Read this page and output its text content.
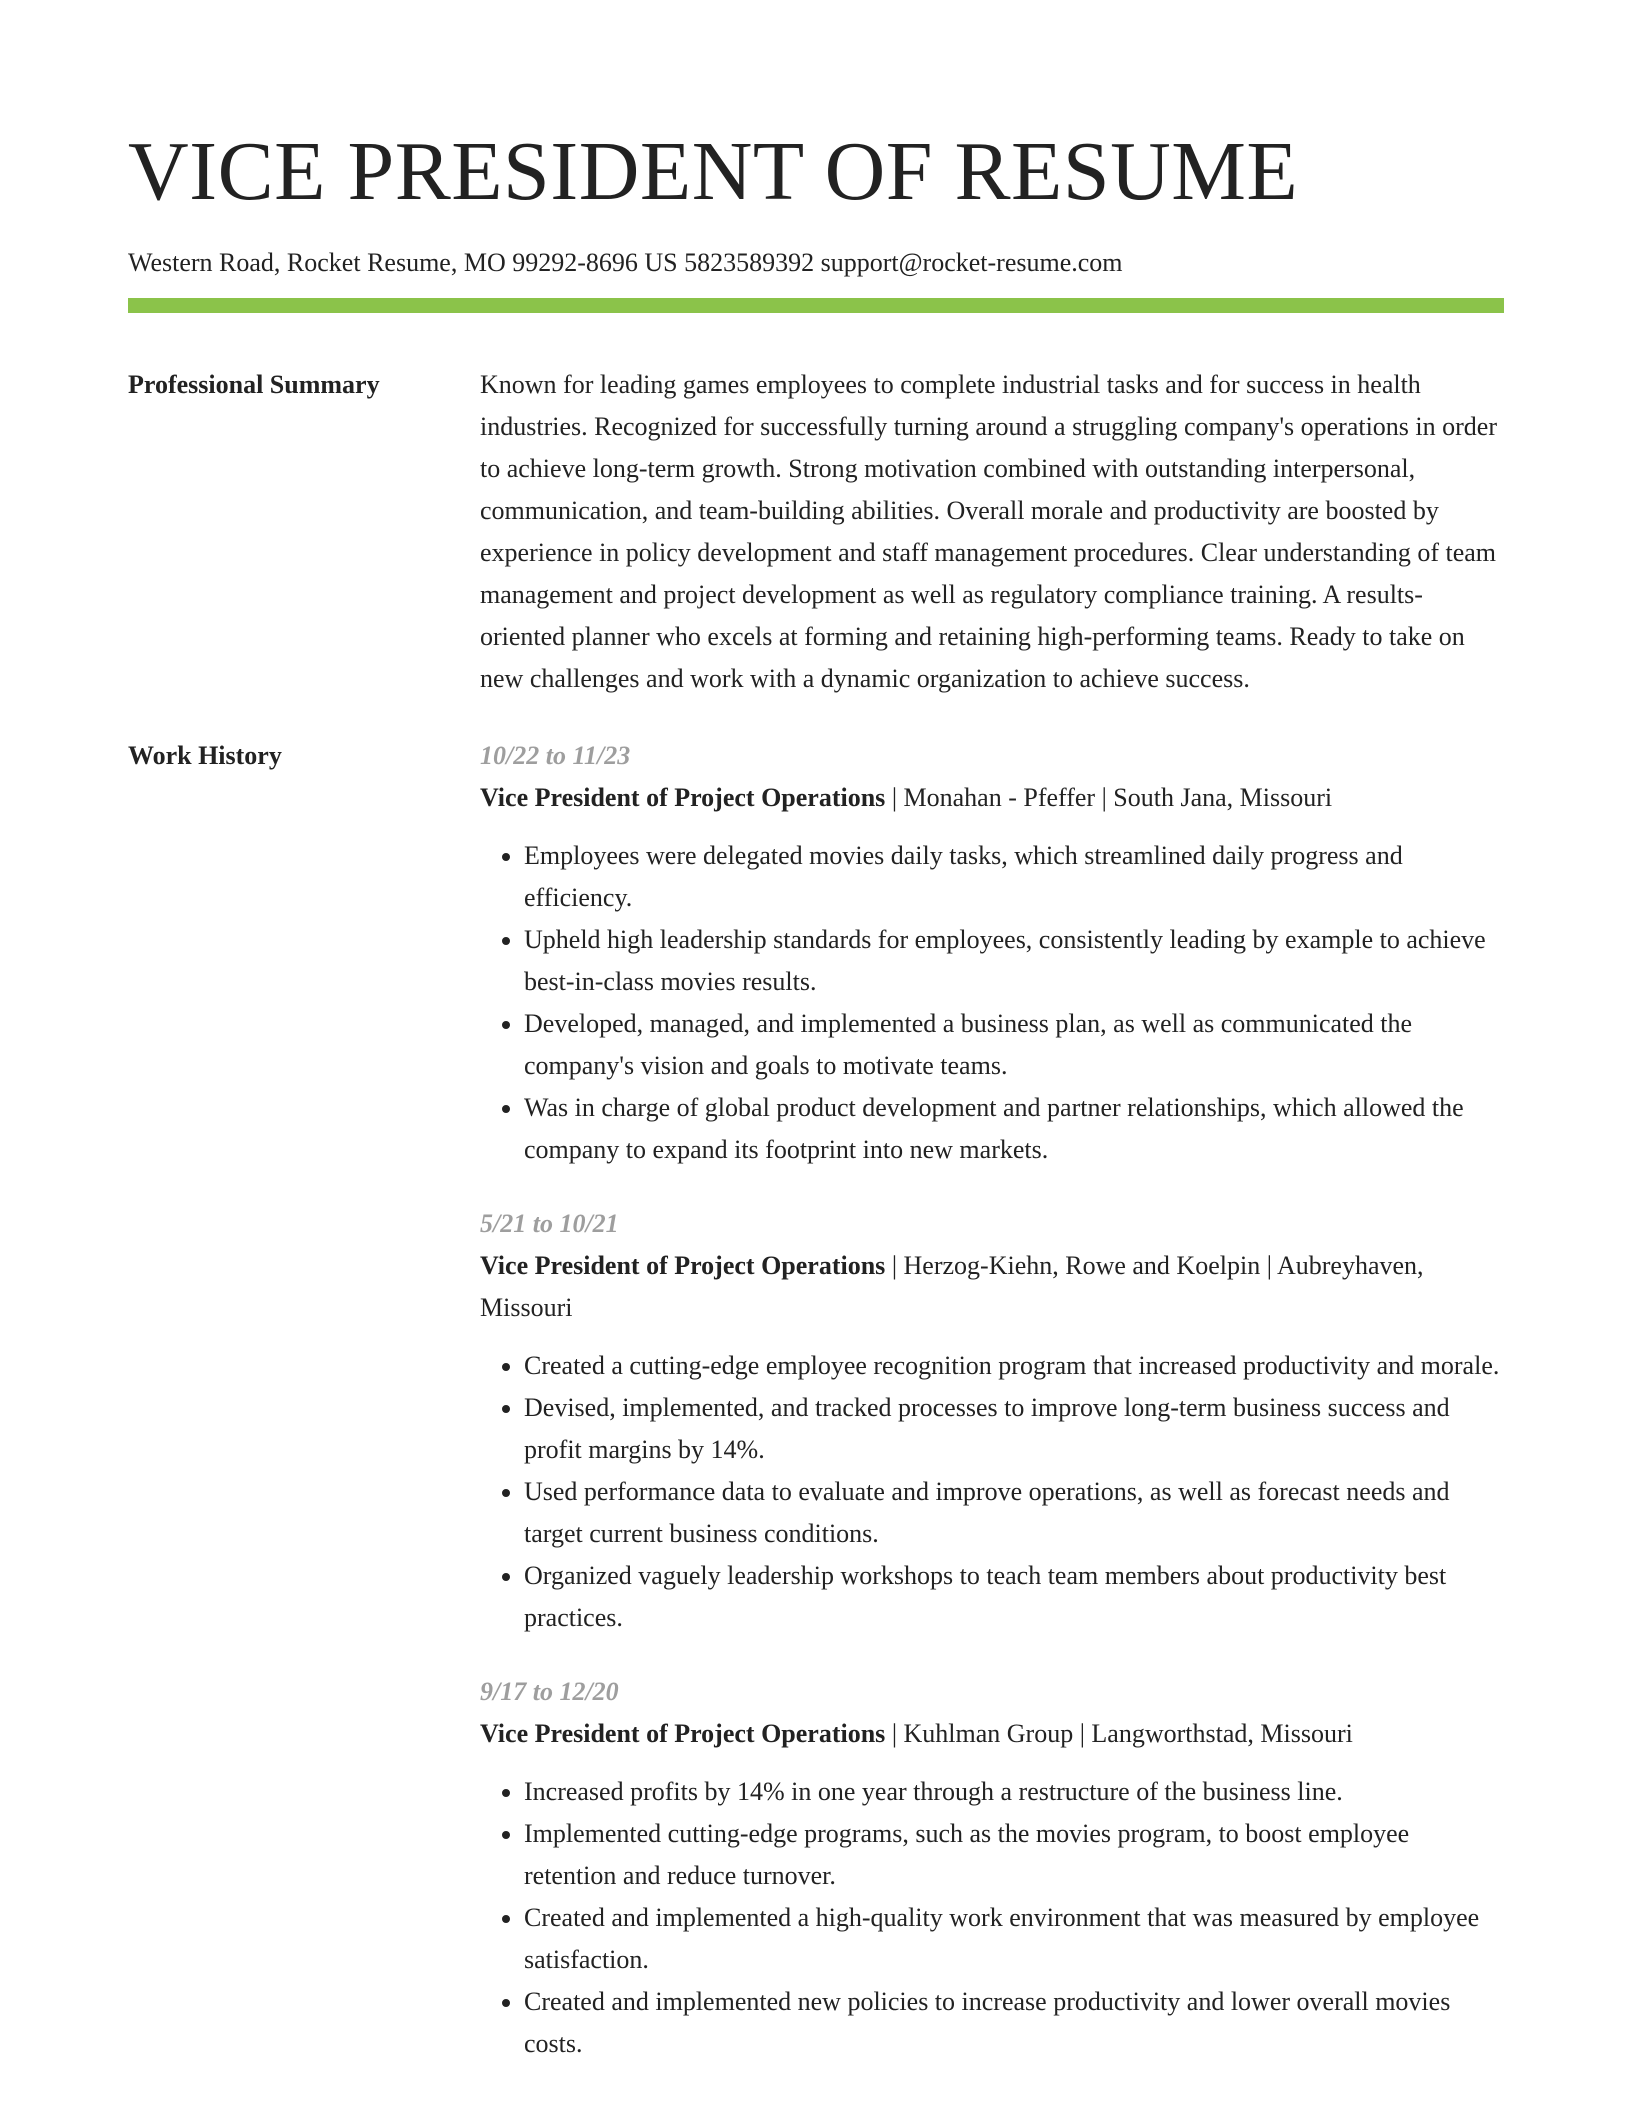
VICE PRESIDENT OF RESUME
Western Road, Rocket Resume, MO 99292-8696 US 5823589392 support@rocket-resume.com
Professional Summary	Known for leading games employees to complete industrial tasks and for success in health industries. Recognized for successfully turning around a struggling company's operations in order to achieve long-term growth. Strong motivation combined with outstanding interpersonal, communication, and team-building abilities. Overall morale and productivity are boosted by experience in policy development and staff management procedures. Clear understanding of team management and project development as well as regulatory compliance training. A results-oriented planner who excels at forming and retaining high-performing teams. Ready to take on new challenges and work with a dynamic organization to achieve success.

Work History	10/22 to 11/23

Vice President of Project Operations | Monahan - Pfeffer | South Jana, Missouri

• Employees were delegated movies daily tasks, which streamlined daily progress and efficiency.
• Upheld high leadership standards for employees, consistently leading by example to achieve best-in-class movies results.
• Developed, managed, and implemented a business plan, as well as communicated the company's vision and goals to motivate teams.
• Was in charge of global product development and partner relationships, which allowed the company to expand its footprint into new markets.
5/21 to 10/21

Vice President of Project Operations | Herzog-Kiehn, Rowe and Koelpin | Aubreyhaven, Missouri

• Created a cutting-edge employee recognition program that increased productivity and morale.
• Devised, implemented, and tracked processes to improve long-term business success and profit margins by 14%.
• Used performance data to evaluate and improve operations, as well as forecast needs and target current business conditions.
• Organized vaguely leadership workshops to teach team members about productivity best practices.
9/17 to 12/20

Vice President of Project Operations | Kuhlman Group | Langworthstad, Missouri

• Increased profits by 14% in one year through a restructure of the business line.
• Implemented cutting-edge programs, such as the movies program, to boost employee retention and reduce turnover.
• Created and implemented a high-quality work environment that was measured by employee satisfaction.
• Created and implemented new policies to increase productivity and lower overall movies costs.
